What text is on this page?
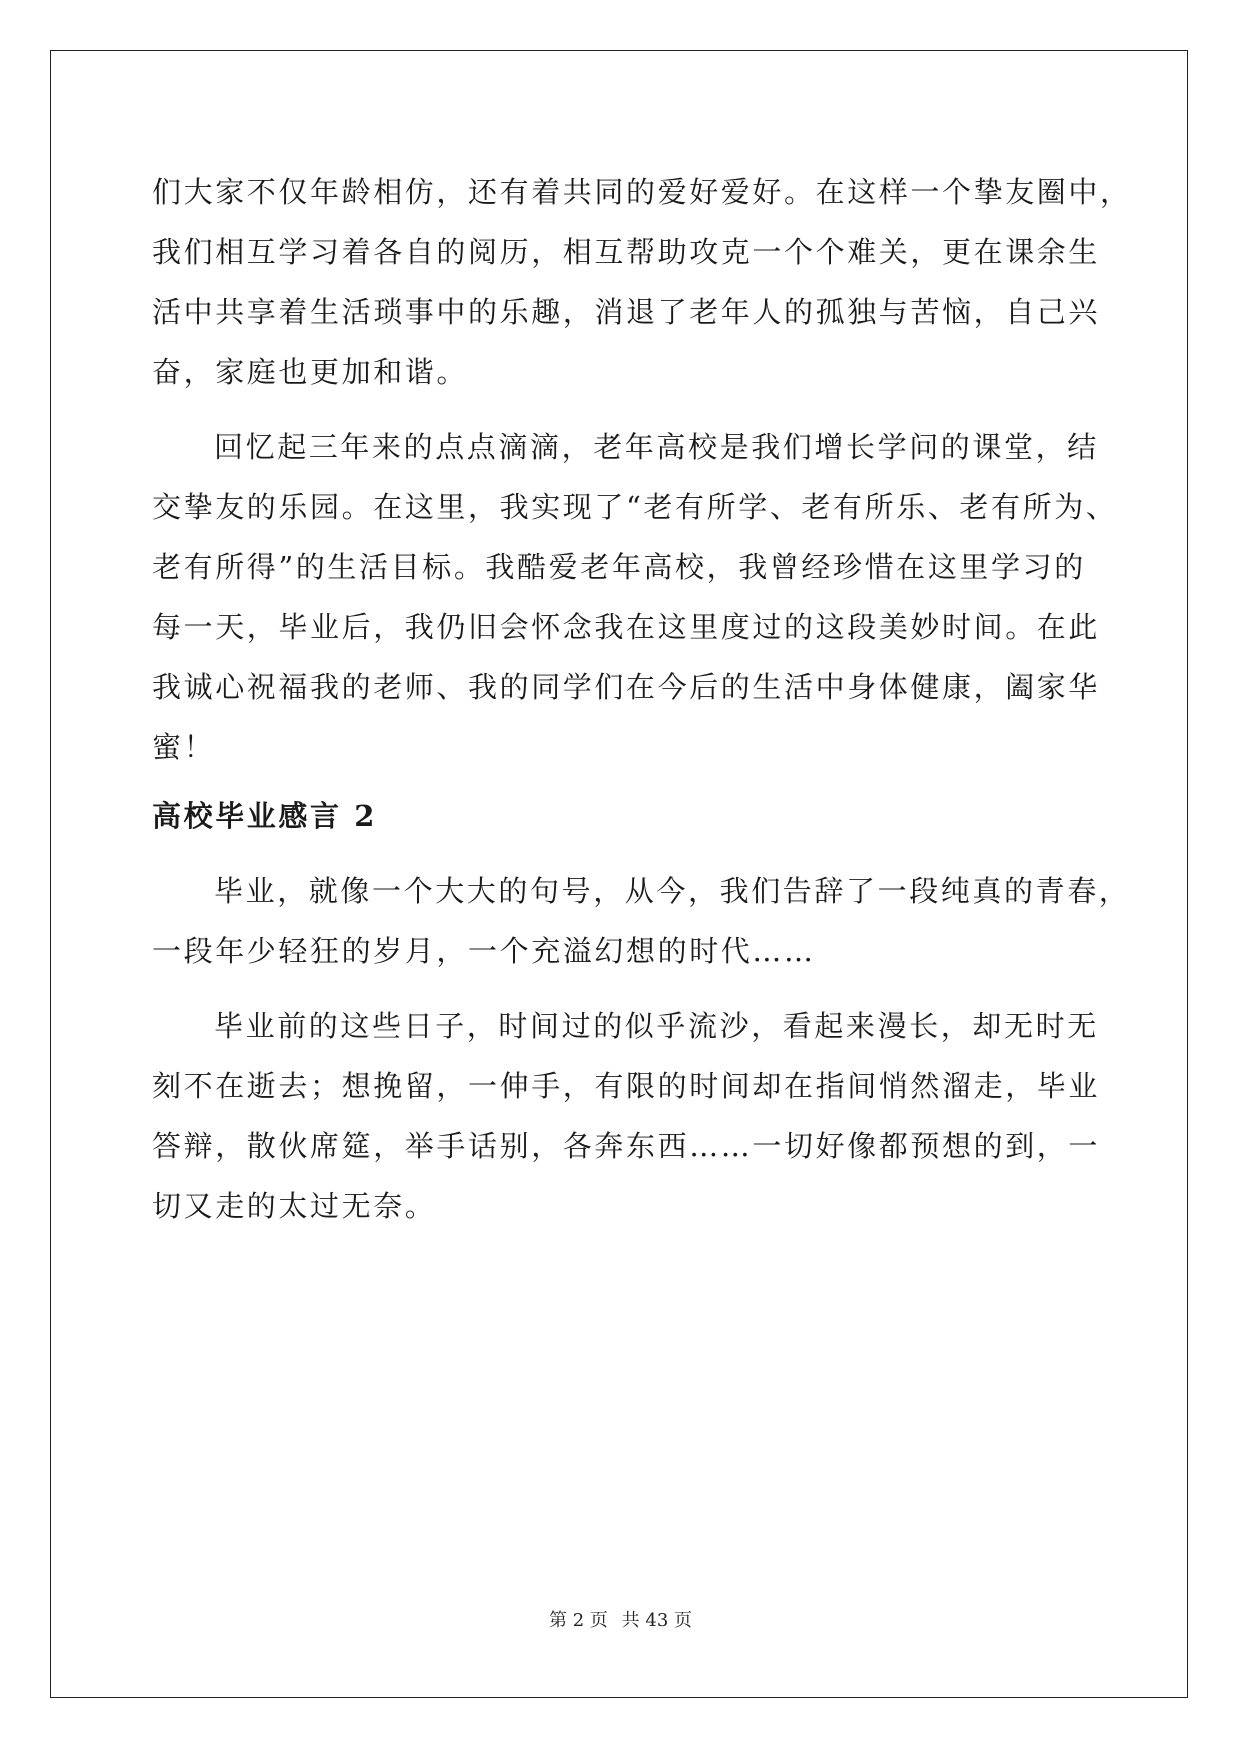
们大家不仅年龄相仿，还有着共同的爱好爱好。在这样一个挚友圈中，

我们相互学习着各自的阅历，相互帮助攻克一个个难关，更在课余生

活中共享着生活琐事中的乐趣，消退了老年人的孤独与苦恼，自己兴

奋，家庭也更加和谐。

回忆起三年来的点点滴滴，老年高校是我们增长学问的课堂，结

交挚友的乐园。在这里，我实现了“老有所学、老有所乐、老有所为、

老有所得”的生活目标。我酷爱老年高校，我曾经珍惜在这里学习的

每一天，毕业后，我仍旧会怀念我在这里度过的这段美妙时间。在此

我诚心祝福我的老师、我的同学们在今后的生活中身体健康，阖家华

蜜！

高校毕业感言 2

毕业，就像一个大大的句号，从今，我们告辞了一段纯真的青春，

一段年少轻狂的岁月，一个充溢幻想的时代……

毕业前的这些日子，时间过的似乎流沙，看起来漫长，却无时无

刻不在逝去；想挽留，一伸手，有限的时间却在指间悄然溜走，毕业

答辩，散伙席筵，举手话别，各奔东西……一切好像都预想的到，一

切又走的太过无奈。

第 2 页 共 43 页
